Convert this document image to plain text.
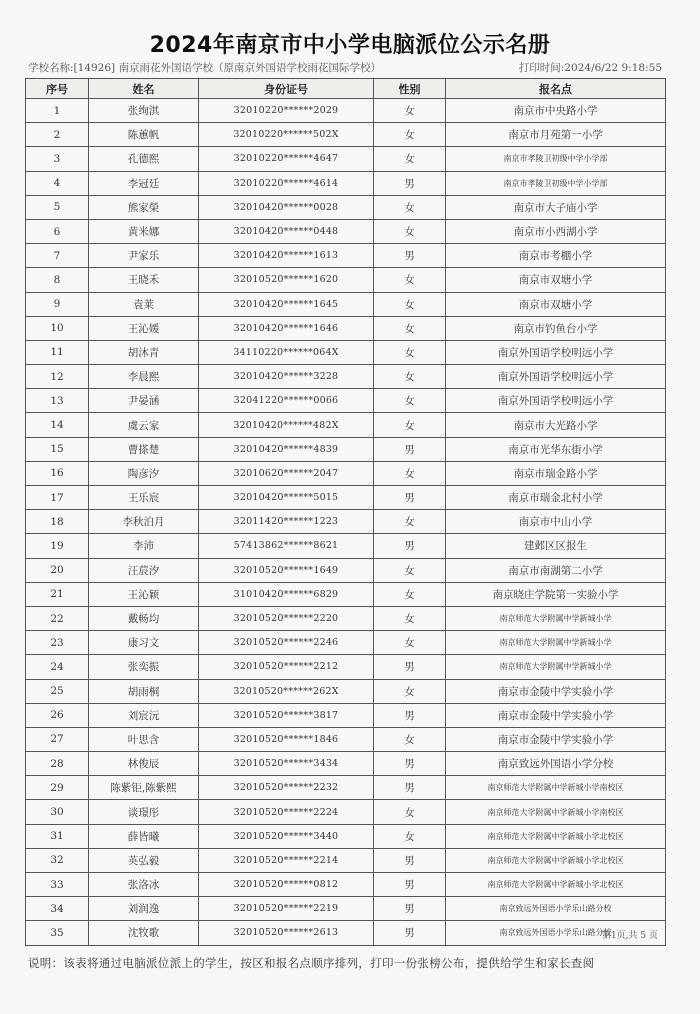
2024年南京市中小学电脑派位公示名册
学校名称:[14926] 南京雨花外国语学校（原南京外国语学校雨花国际学校）	打印时间:2024/6/22 9:18:55
序号	姓名	身份证号	性别	报名点
1	张绚淇	32010220******2029	女	南京市中央路小学
2	陈蕙帆	32010220******502X	女	南京市月苑第一小学
3	孔德熙	32010220******4647	女	南京市孝陵卫初级中学小学部
4	李冠廷	32010220******4614	男	南京市孝陵卫初级中学小学部
5	熊家榮	32010420******0028	女	南京市大子庙小学
6	黄米娜	32010420******0448	女	南京市小西湖小学
7	尹家乐	32010420******1613	男	南京市考棚小学
8	王晓禾	32010520******1620	女	南京市双塘小学
9	袁莱	32010420******1645	女	南京市双塘小学
10	王沁媛	32010420******1646	女	南京市钓鱼台小学
11	胡沐青	34110220******064X	女	南京外国语学校明远小学
12	李晨熙	32010420******3228	女	南京外国语学校明远小学
13	尹晏涵	32041220******0066	女	南京外国语学校明远小学
14	虞云家	32010420******482X	女	南京市大光路小学
15	曹搽楚	32010420******4839	男	南京市光华东街小学
16	陶彦汐	32010620******2047	女	南京市瑞金路小学
17	王乐宸	32010420******5015	男	南京市瑞金北村小学
18	李秋泊月	32011420******1223	女	南京市中山小学
19	李沛	57413862******8621	男	建邺区区报生
20	汪莀汐	32010520******1649	女	南京市南湖第二小学
21	王沁颖	31010420******6829	女	南京晓庄学院第一实验小学
22	戴畅均	32010520******2220	女	南京师范大学附属中学新城小学
23	康习文	32010520******2246	女	南京师范大学附属中学新城小学
24	张奕振	32010520******2212	男	南京师范大学附属中学新城小学
25	胡雨桐	32010520******262X	女	南京市金陵中学实验小学
26	刘宸沅	32010520******3817	男	南京市金陵中学实验小学
27	叶思含	32010520******1846	女	南京市金陵中学实验小学
28	林俊辰	32010520******3434	男	南京致远外国语小学分校
29	陈紫钜,陈紫熙	32010520******2232	男	南京师范大学附属中学新城小学南校区
30	谈璟彤	32010520******2224	女	南京师范大学附属中学新城小学南校区
31	薛皆曦	32010520******3440	女	南京师范大学附属中学新城小学北校区
32	英弘毅	32010520******2214	男	南京师范大学附属中学新城小学北校区
33	张洛冰	32010520******0812	男	南京师范大学附属中学新城小学北校区
34	刘润逸	32010520******2219	男	南京致远外国语小学乐山路分校
35	沈牧歌	32010520******2613	男	南京致远外国语小学乐山路分校
第1页,共 5 页
说明：该表将通过电脑派位派上的学生，按区和报名点顺序排列，打印一份张榜公布，提供给学生和家长查阅
